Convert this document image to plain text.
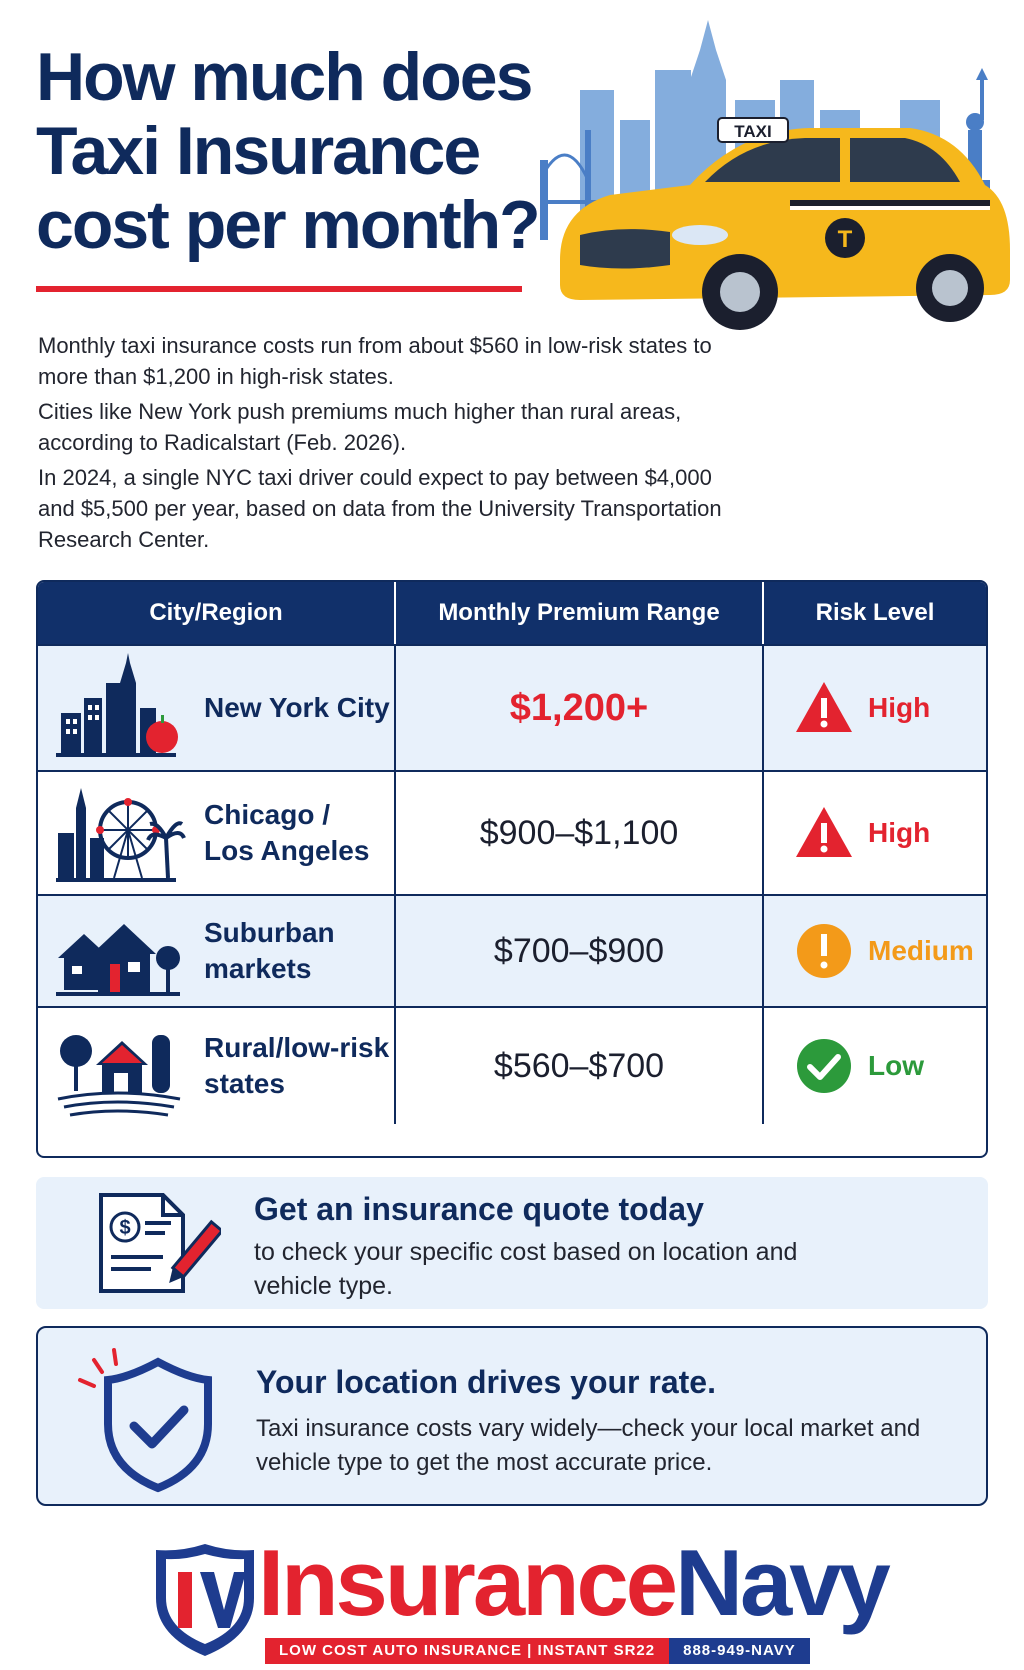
How much does
Taxi Insurance
cost per month?	T
TAXI

Monthly taxi insurance costs run from about $560 in low-risk states to more than $1,200 in high-risk states.

Cities like New York push premiums much higher than rural areas, according to Radicalstart (Feb. 2026).

In 2024, a single NYC taxi driver could expect to pay between $4,000 and $5,500 per year, based on data from the University Transportation Research Center.

City/Region	Monthly Premium Range	Risk Level
New York City	$1,200+	High
Chicago /
Los Angeles	$900–$1,100	High
Suburban
markets	$700–$900	Medium
Rural/low-risk
states	$560–$700	Low
$
Get an insurance quote today
to check your specific cost based on location and vehicle type.
Your location drives your rate.
Taxi insurance costs vary widely—check your local market and vehicle type to get the most accurate price.
InsuranceNavy
LOW COST AUTO INSURANCE | INSTANT SR22	888-949-NAVY
